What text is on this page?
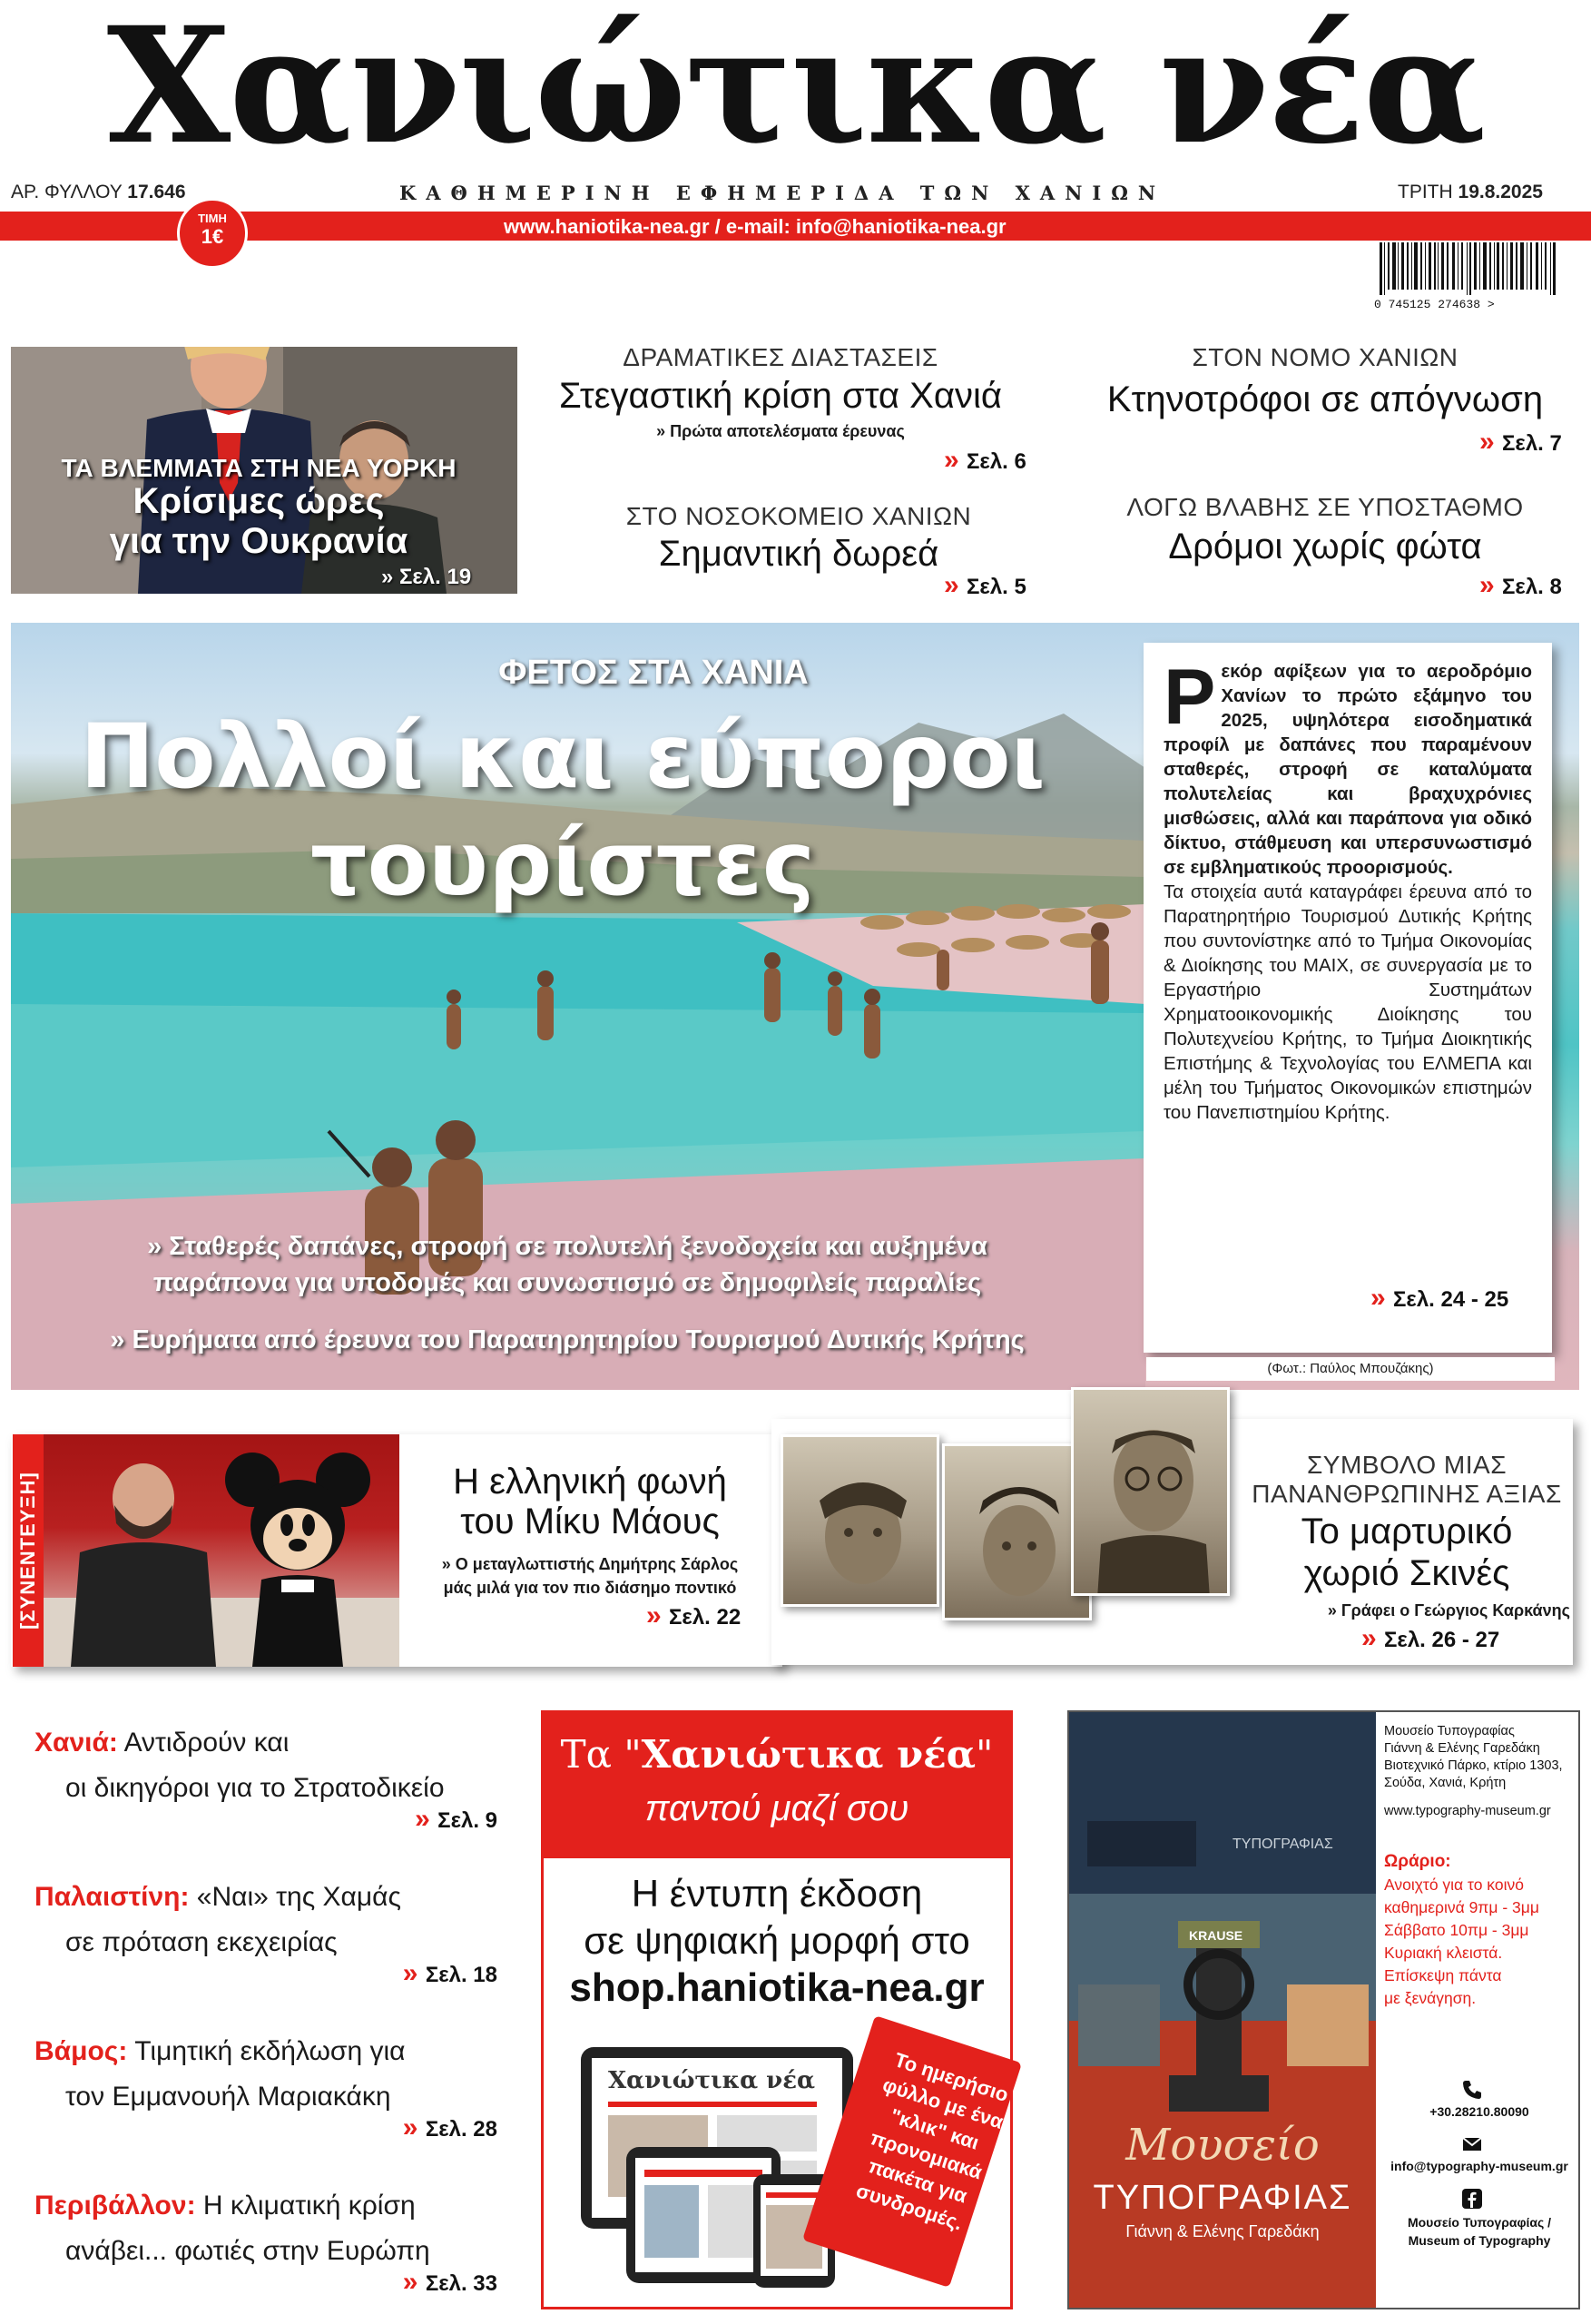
Χανιώτικα νέα
ΑΡ. ΦΥΛΛΟΥ 17.646	ΚΑΘΗΜΕΡΙΝΗ ΕΦΗΜΕΡΙΔΑ ΤΩΝ ΧΑΝΙΩΝ	ΤΡΙΤΗ 19.8.2025
www.haniotika-nea.gr / e-mail: info@haniotika-nea.gr
ΤΙΜΗ
1€
0 745125 274638 >
ΤΑ ΒΛΕΜΜΑΤΑ ΣΤΗ ΝΕΑ ΥΟΡΚΗ
Κρίσιμες ώρες
για την Ουκρανία
» Σελ. 19
ΔΡΑΜΑΤΙΚΕΣ ΔΙΑΣΤΑΣΕΙΣ
Στεγαστική κρίση στα Χανιά
» Πρώτα αποτελέσματα έρευνας
» Σελ. 6
ΣΤΟΝ ΝΟΜΟ ΧΑΝΙΩΝ
Κτηνοτρόφοι σε απόγνωση
» Σελ. 7
ΣΤΟ ΝΟΣΟΚΟΜΕΙΟ ΧΑΝΙΩΝ
Σημαντική δωρεά
» Σελ. 5
ΛΟΓΩ ΒΛΑΒΗΣ ΣΕ ΥΠΟΣΤΑΘΜΟ
Δρόμοι χωρίς φώτα
» Σελ. 8
ΦΕΤΟΣ ΣΤΑ ΧΑΝΙΑ
Πολλοί και εύποροι
τουρίστες
» Σταθερές δαπάνες, στροφή σε πολυτελή ξενοδοχεία και αυξημένα
παράπονα για υποδομές και συνωστισμό σε δημοφιλείς παραλίες
» Ευρήματα από έρευνα του Παρατηρητηρίου Τουρισμού Δυτικής Κρήτης
Ρεκόρ αφίξεων για το αεροδρόμιο Χανίων το πρώτο εξάμηνο του 2025, υψηλότερα εισοδηματικά προφίλ με δαπάνες που παραμένουν σταθερές, στροφή σε καταλύματα πολυτελείας και βραχυχρόνιες μισθώσεις, αλλά και παράπονα για οδικό δίκτυο, στάθμευση και υπερσυνωστισμό σε εμβληματικούς προορισμούς.
Τα στοιχεία αυτά καταγράφει έρευνα από το Παρατηρητήριο Τουρισμού Δυτικής Κρήτης που συντονίστηκε από το Τμήμα Οικονομίας & Διοίκησης του ΜΑΙΧ, σε συνεργασία με το Εργαστήριο Συστημάτων Χρηματοοικονομικής Διοίκησης του Πολυτεχνείου Κρήτης, το Τμήμα Διοικητικής Επιστήμης & Τεχνολογίας του ΕΛΜΕΠΑ και μέλη του Τμήματος Οικονομικών επιστημών του Πανεπιστημίου Κρήτης.
» Σελ. 24 - 25
(Φωτ.: Παύλος Μπουζάκης)
[ΣΥΝΕΝΤΕΥΞΗ]	Η ελληνική φωνή
του Μίκυ Μάους
» Ο μεταγλωττιστής Δημήτρης Σάρλος
μάς μιλά για τον πιο διάσημο ποντικό
» Σελ. 22
ΣΥΜΒΟΛΟ ΜΙΑΣ
ΠΑΝΑΝΘΡΩΠΙΝΗΣ ΑΞΙΑΣ
Το μαρτυρικό
χωριό Σκινές
» Γράφει ο Γεώργιος Καρκάνης
» Σελ. 26 - 27
Χανιά: Αντιδρούν και
οι δικηγόροι για το Στρατοδικείο
» Σελ. 9
Παλαιστίνη: «Ναι» της Χαμάς
σε πρόταση εκεχειρίας
» Σελ. 18
Βάμος: Τιμητική εκδήλωση για
τον Εμμανουήλ Μαριακάκη
» Σελ. 28
Περιβάλλον: Η κλιματική κρίση
ανάβει... φωτιές στην Ευρώπη
» Σελ. 33
Τα "Χανιώτικα νέα"
παντού μαζί σου
Η έντυπη έκδοση
σε ψηφιακή μορφή στο
shop.haniotika-nea.gr
Χανιώτικα νέα	Το ημερήσιο φύλλο με ένα "κλικ" και προνομιακά πακέτα για συνδρομές.
ΤΥΠΟΓΡΑΦΙΑΣ
KRAUSE
Μουσείο
ΤΥΠΟΓΡΑΦΙΑΣ
Γιάννη & Ελένης Γαρεδάκη
Μουσείο Τυπογραφίας
Γιάννη & Ελένης Γαρεδάκη
Βιοτεχνικό Πάρκο, κτίριο 1303,
Σούδα, Χανιά, Κρήτη
www.typography-museum.gr
Ωράριο:
Ανοιχτό για το κοινό
καθημερινά 9πμ - 3μμ
Σάββατο 10πμ - 3μμ
Κυριακή κλειστά.
Επίσκεψη πάντα
με ξενάγηση.
+30.28210.80090
info@typography-museum.gr
Μουσείο Τυπογραφίας /
Museum of Typography
